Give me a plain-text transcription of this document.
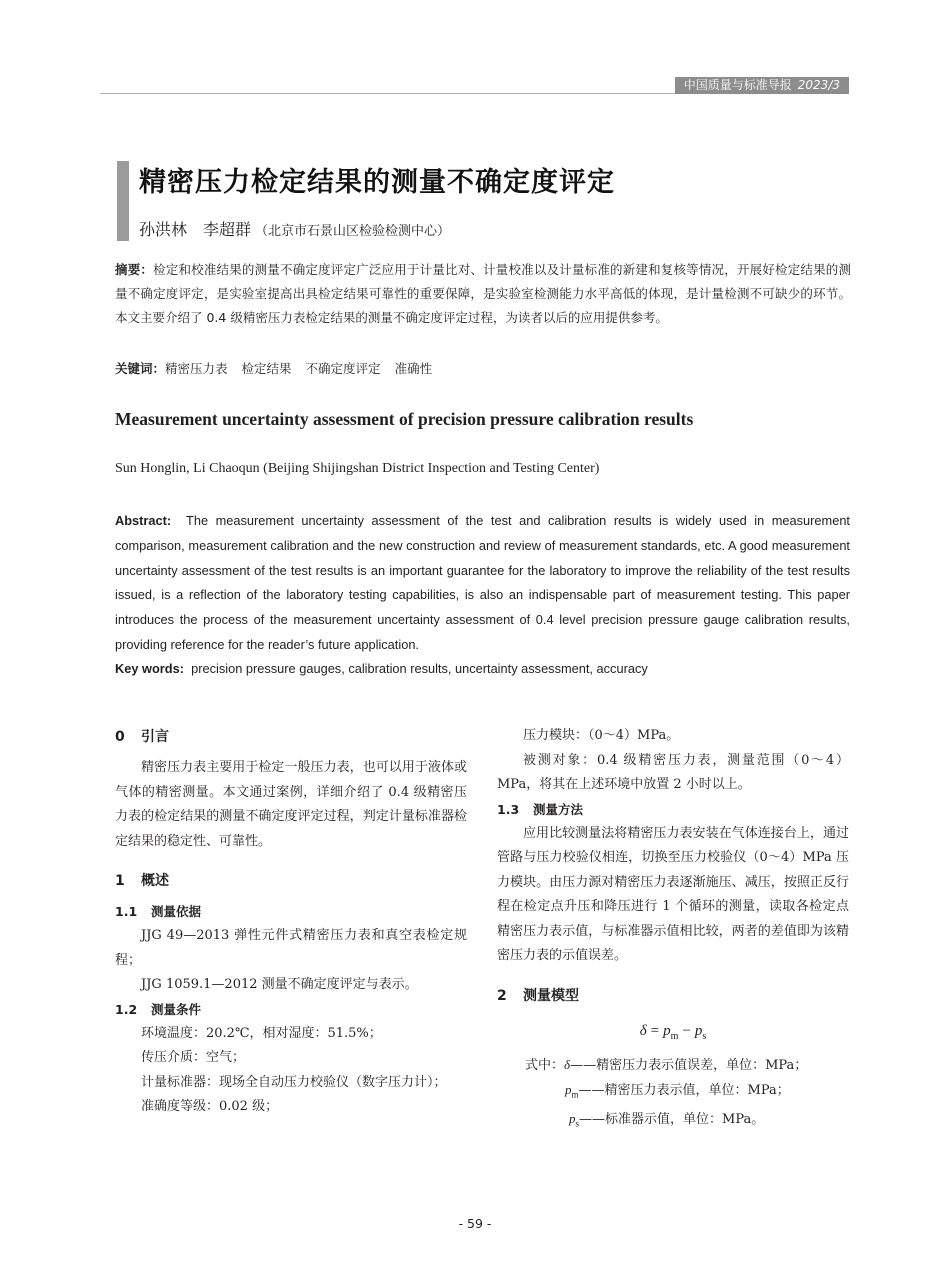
中国质量与标准导报 2023/3
精密压力检定结果的测量不确定度评定
孙洪林　李超群 （北京市石景山区检验检测中心）
摘要：检定和校准结果的测量不确定度评定广泛应用于计量比对、计量校准以及计量标准的新建和复核等情况，开展好检定结果的测量不确定度评定，是实验室提高出具检定结果可靠性的重要保障，是实验室检测能力水平高低的体现，是计量检测不可缺少的环节。本文主要介绍了 0.4 级精密压力表检定结果的测量不确定度评定过程，为读者以后的应用提供参考。
关键词：精密压力表 检定结果 不确定度评定 准确性
Measurement uncertainty assessment of precision pressure calibration results
Sun Honglin, Li Chaoqun (Beijing Shijingshan District Inspection and Testing Center)
Abstract: The measurement uncertainty assessment of the test and calibration results is widely used in measurement comparison, measurement calibration and the new construction and review of measurement standards, etc. A good measurement uncertainty assessment of the test results is an important guarantee for the laboratory to improve the reliability of the test results issued, is a reflection of the laboratory testing capabilities, is also an indispensable part of measurement testing. This paper introduces the process of the measurement uncertainty assessment of 0.4 level precision pressure gauge calibration results, providing reference for the reader’s future application.
Key words: precision pressure gauges, calibration results, uncertainty assessment, accuracy
0 引言

精密压力表主要用于检定一般压力表，也可以用于液体或气体的精密测量。本文通过案例，详细介绍了 0.4 级精密压力表的检定结果的测量不确定度评定过程，判定计量标准器检定结果的稳定性、可靠性。

1 概述
1.1 测量依据

JJG 49—2013 弹性元件式精密压力表和真空表检定规程；

JJG 1059.1—2012 测量不确定度评定与表示。

1.2 测量条件

环境温度：20.2℃，相对湿度：51.5%；

传压介质：空气；

计量标准器：现场全自动压力校验仪（数字压力计）；

准确度等级：0.02 级；

压力模块：（0～4）MPa。

被测对象：0.4 级精密压力表，测量范围（0～4）MPa，将其在上述环境中放置 2 小时以上。

1.3 测量方法

应用比较测量法将精密压力表安装在气体连接台上，通过管路与压力校验仪相连，切换至压力校验仪（0～4）MPa 压力模块。由压力源对精密压力表逐渐施压、减压，按照正反行程在检定点升压和降压进行 1 个循环的测量，读取各检定点精密压力表示值，与标准器示值相比较，两者的差值即为该精密压力表的示值误差。

2 测量模型
$\delta = p_m - p_s$

式中：δ——精密压力表示值误差，单位：MPa；

$p_m——$精密压力表示值，单位：MPa；

$p_s——$标准器示值，单位：MPa。

- 59 -
